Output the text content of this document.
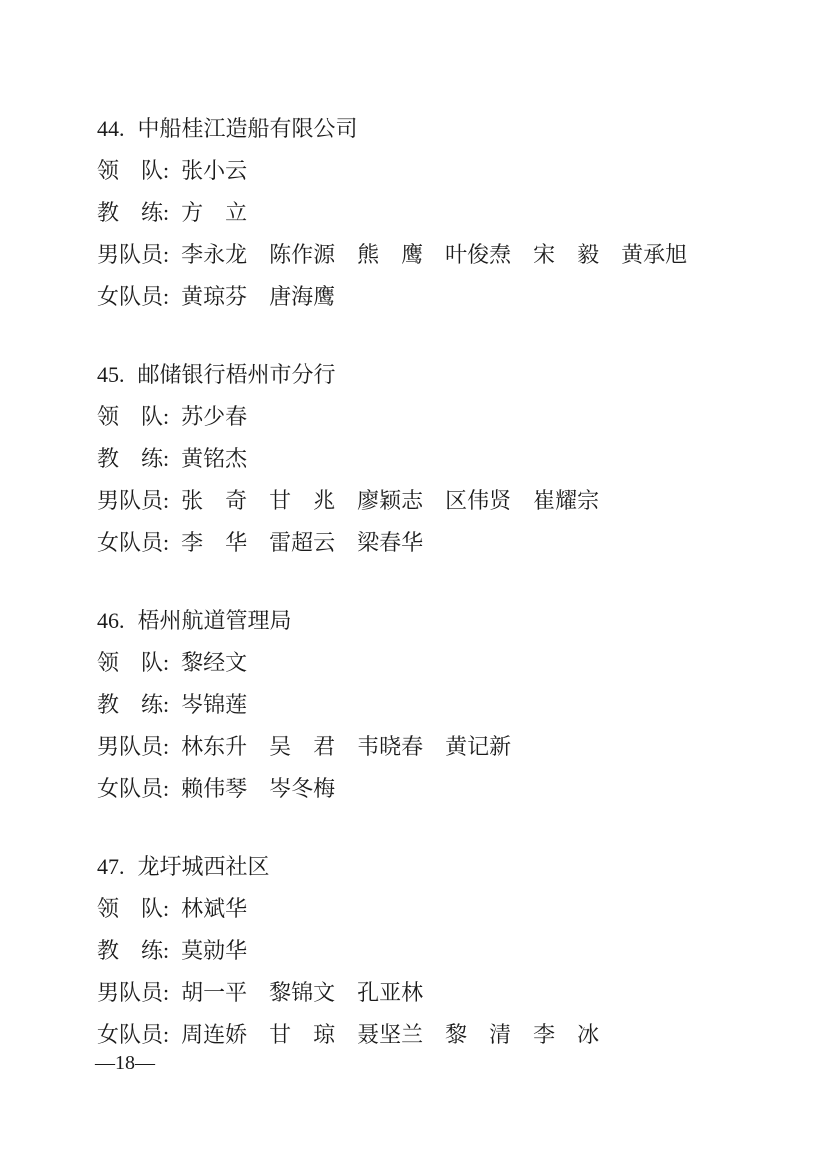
44. 中船桂江造船有限公司
领　队: 张小云
教　练: 方　立
男队员: 李永龙　陈作源　熊　鹰　叶俊焘　宋　毅　黄承旭
女队员: 黄琼芬　唐海鹰
45. 邮储银行梧州市分行
领　队: 苏少春
教　练: 黄铭杰
男队员: 张　奇　甘　兆　廖颖志　区伟贤　崔耀宗
女队员: 李　华　雷超云　梁春华
46. 梧州航道管理局
领　队: 黎经文
教　练: 岑锦莲
男队员: 林东升　吴　君　韦晓春　黄记新
女队员: 赖伟琴　岑冬梅
47. 龙圩城西社区
领　队: 林斌华
教　练: 莫勍华
男队员: 胡一平　黎锦文　孔亚林
女队员: 周连娇　甘　琼　聂坚兰　黎　清　李　冰
—18—
